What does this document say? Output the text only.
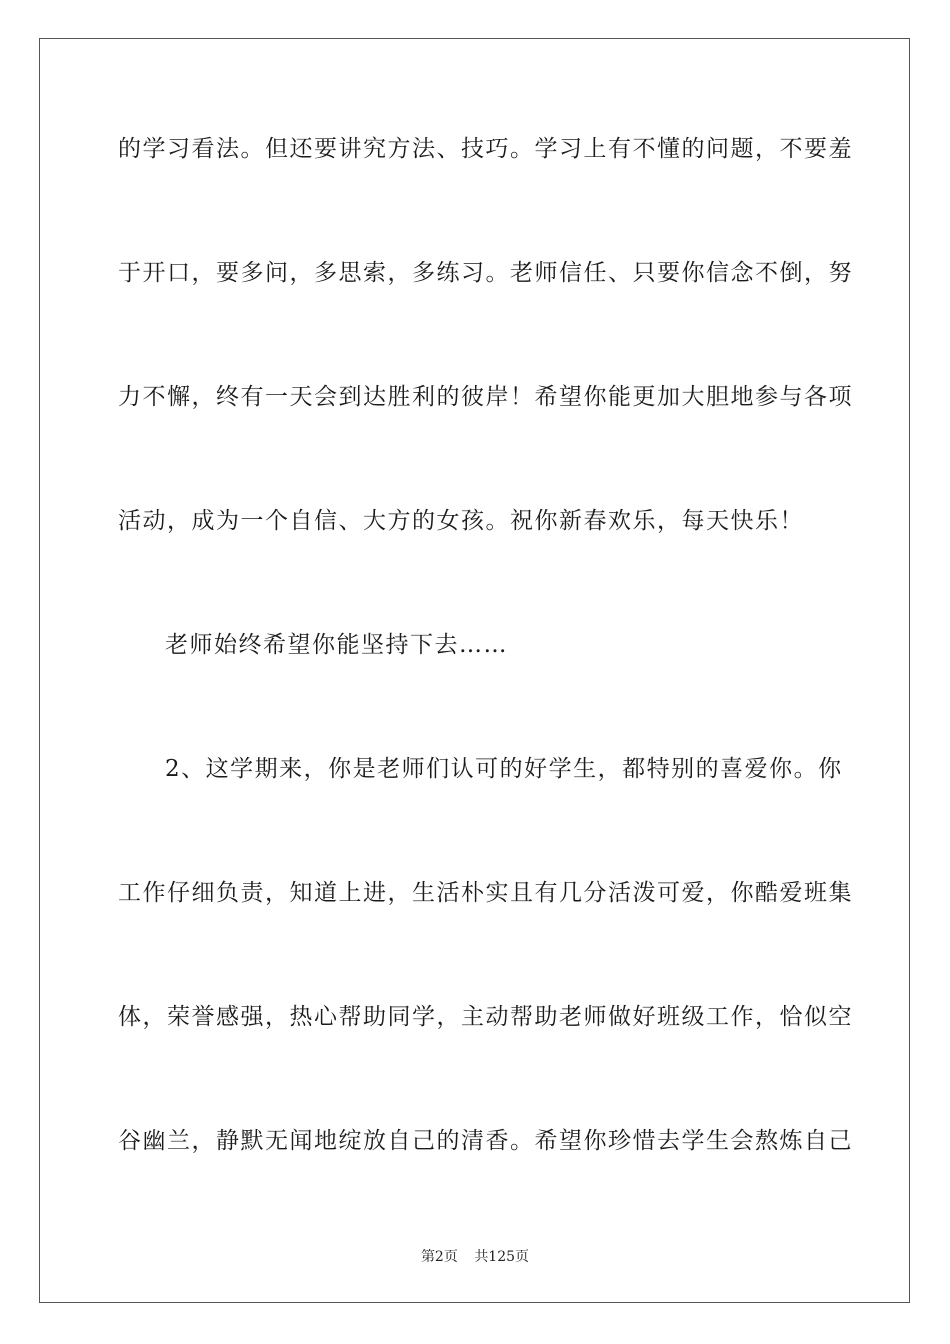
的学习看法。但还要讲究方法、技巧。学习上有不懂的问题，不要羞
于开口，要多问，多思索，多练习。老师信任、只要你信念不倒，努
力不懈，终有一天会到达胜利的彼岸！希望你能更加大胆地参与各项
活动，成为一个自信、大方的女孩。祝你新春欢乐，每天快乐！
老师始终希望你能坚持下去……
2、这学期来，你是老师们认可的好学生，都特别的喜爱你。你
工作仔细负责，知道上进，生活朴实且有几分活泼可爱，你酷爱班集
体，荣誉感强，热心帮助同学，主动帮助老师做好班级工作，恰似空
谷幽兰，静默无闻地绽放自己的清香。希望你珍惜去学生会熬炼自己
第2页 共125页
